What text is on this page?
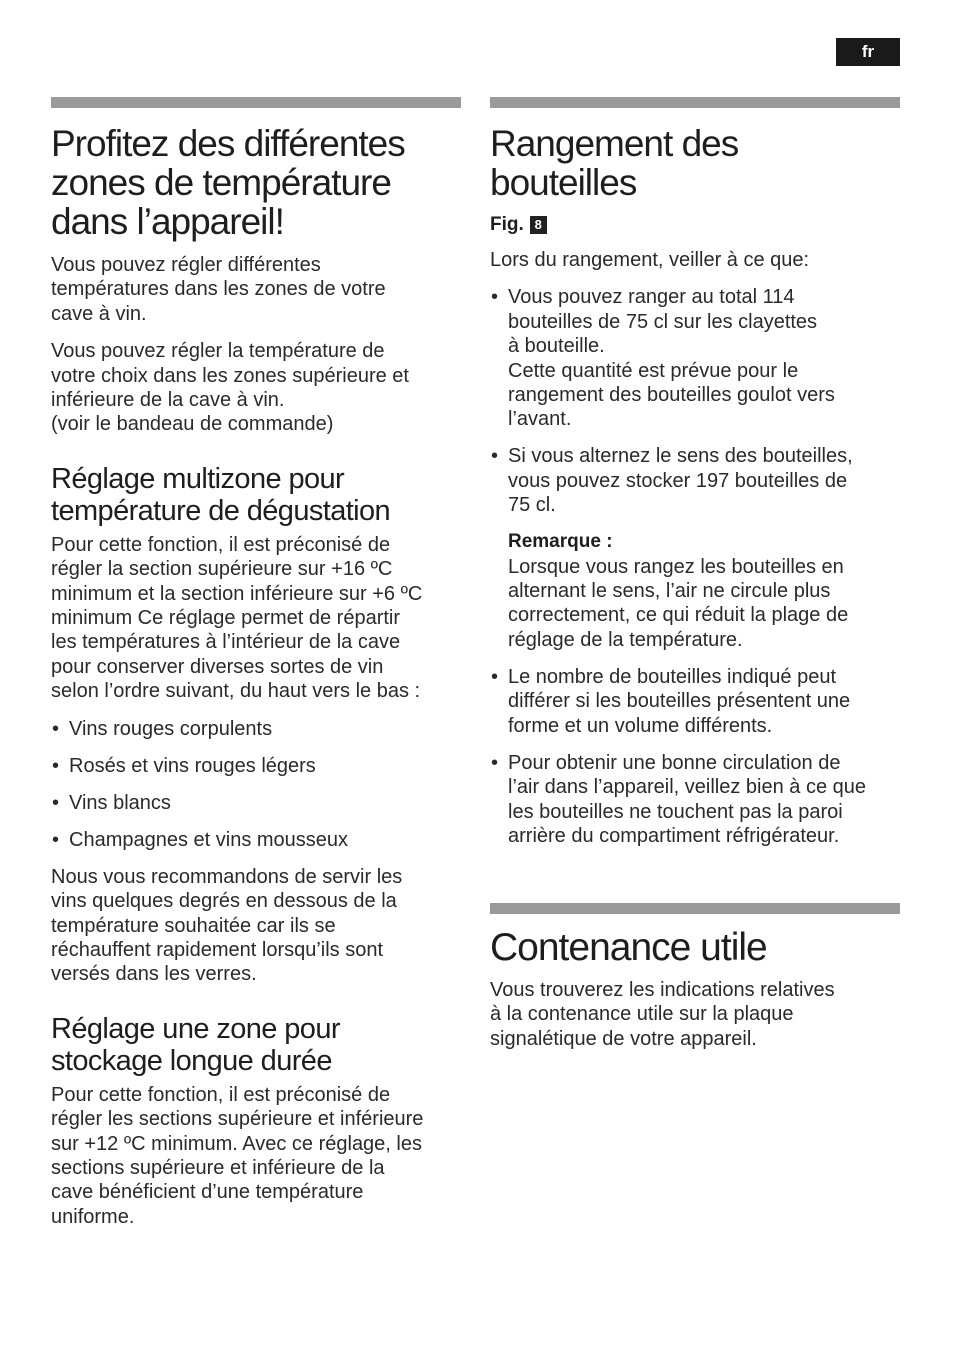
fr
Profitez des différentes
zones de température
dans l’appareil!

Vous pouvez régler différentes
températures dans les zones de votre
cave à vin.

Vous pouvez régler la température de
votre choix dans les zones supérieure et
inférieure de la cave à vin.
(voir le bandeau de commande)

Réglage multizone pour
température de dégustation

Pour cette fonction, il est préconisé de
régler la section supérieure sur +16 ºC
minimum et la section inférieure sur +6 ºC
minimum Ce réglage permet de répartir
les températures à l’intérieur de la cave
pour conserver diverses sortes de vin
selon l’ordre suivant, du haut vers le bas :

• Vins rouges corpulents
• Rosés et vins rouges légers
• Vins blancs
• Champagnes et vins mousseux

Nous vous recommandons de servir les
vins quelques degrés en dessous de la
température souhaitée car ils se
réchauffent rapidement lorsqu’ils sont
versés dans les verres.

Réglage une zone pour
stockage longue durée

Pour cette fonction, il est préconisé de
régler les sections supérieure et inférieure
sur +12 ºC minimum. Avec ce réglage, les
sections supérieure et inférieure de la
cave bénéficient d’une température
uniforme.

Rangement des
bouteilles
Fig. 8

Lors du rangement, veiller à ce que:

• Vous pouvez ranger au total 114
bouteilles de 75 cl sur les clayettes
à bouteille.
Cette quantité est prévue pour le
rangement des bouteilles goulot vers
l’avant.
• Si vous alternez le sens des bouteilles,
vous pouvez stocker 197 bouteilles de
75 cl.
Remarque :

Lorsque vous rangez les bouteilles en
alternant le sens, l’air ne circule plus
correctement, ce qui réduit la plage de
réglage de la température.

• Le nombre de bouteilles indiqué peut
différer si les bouteilles présentent une
forme et un volume différents.
• Pour obtenir une bonne circulation de
l’air dans l’appareil, veillez bien à ce que
les bouteilles ne touchent pas la paroi
arrière du compartiment réfrigérateur.
Contenance utile

Vous trouverez les indications relatives
à la contenance utile sur la plaque
signalétique de votre appareil.
